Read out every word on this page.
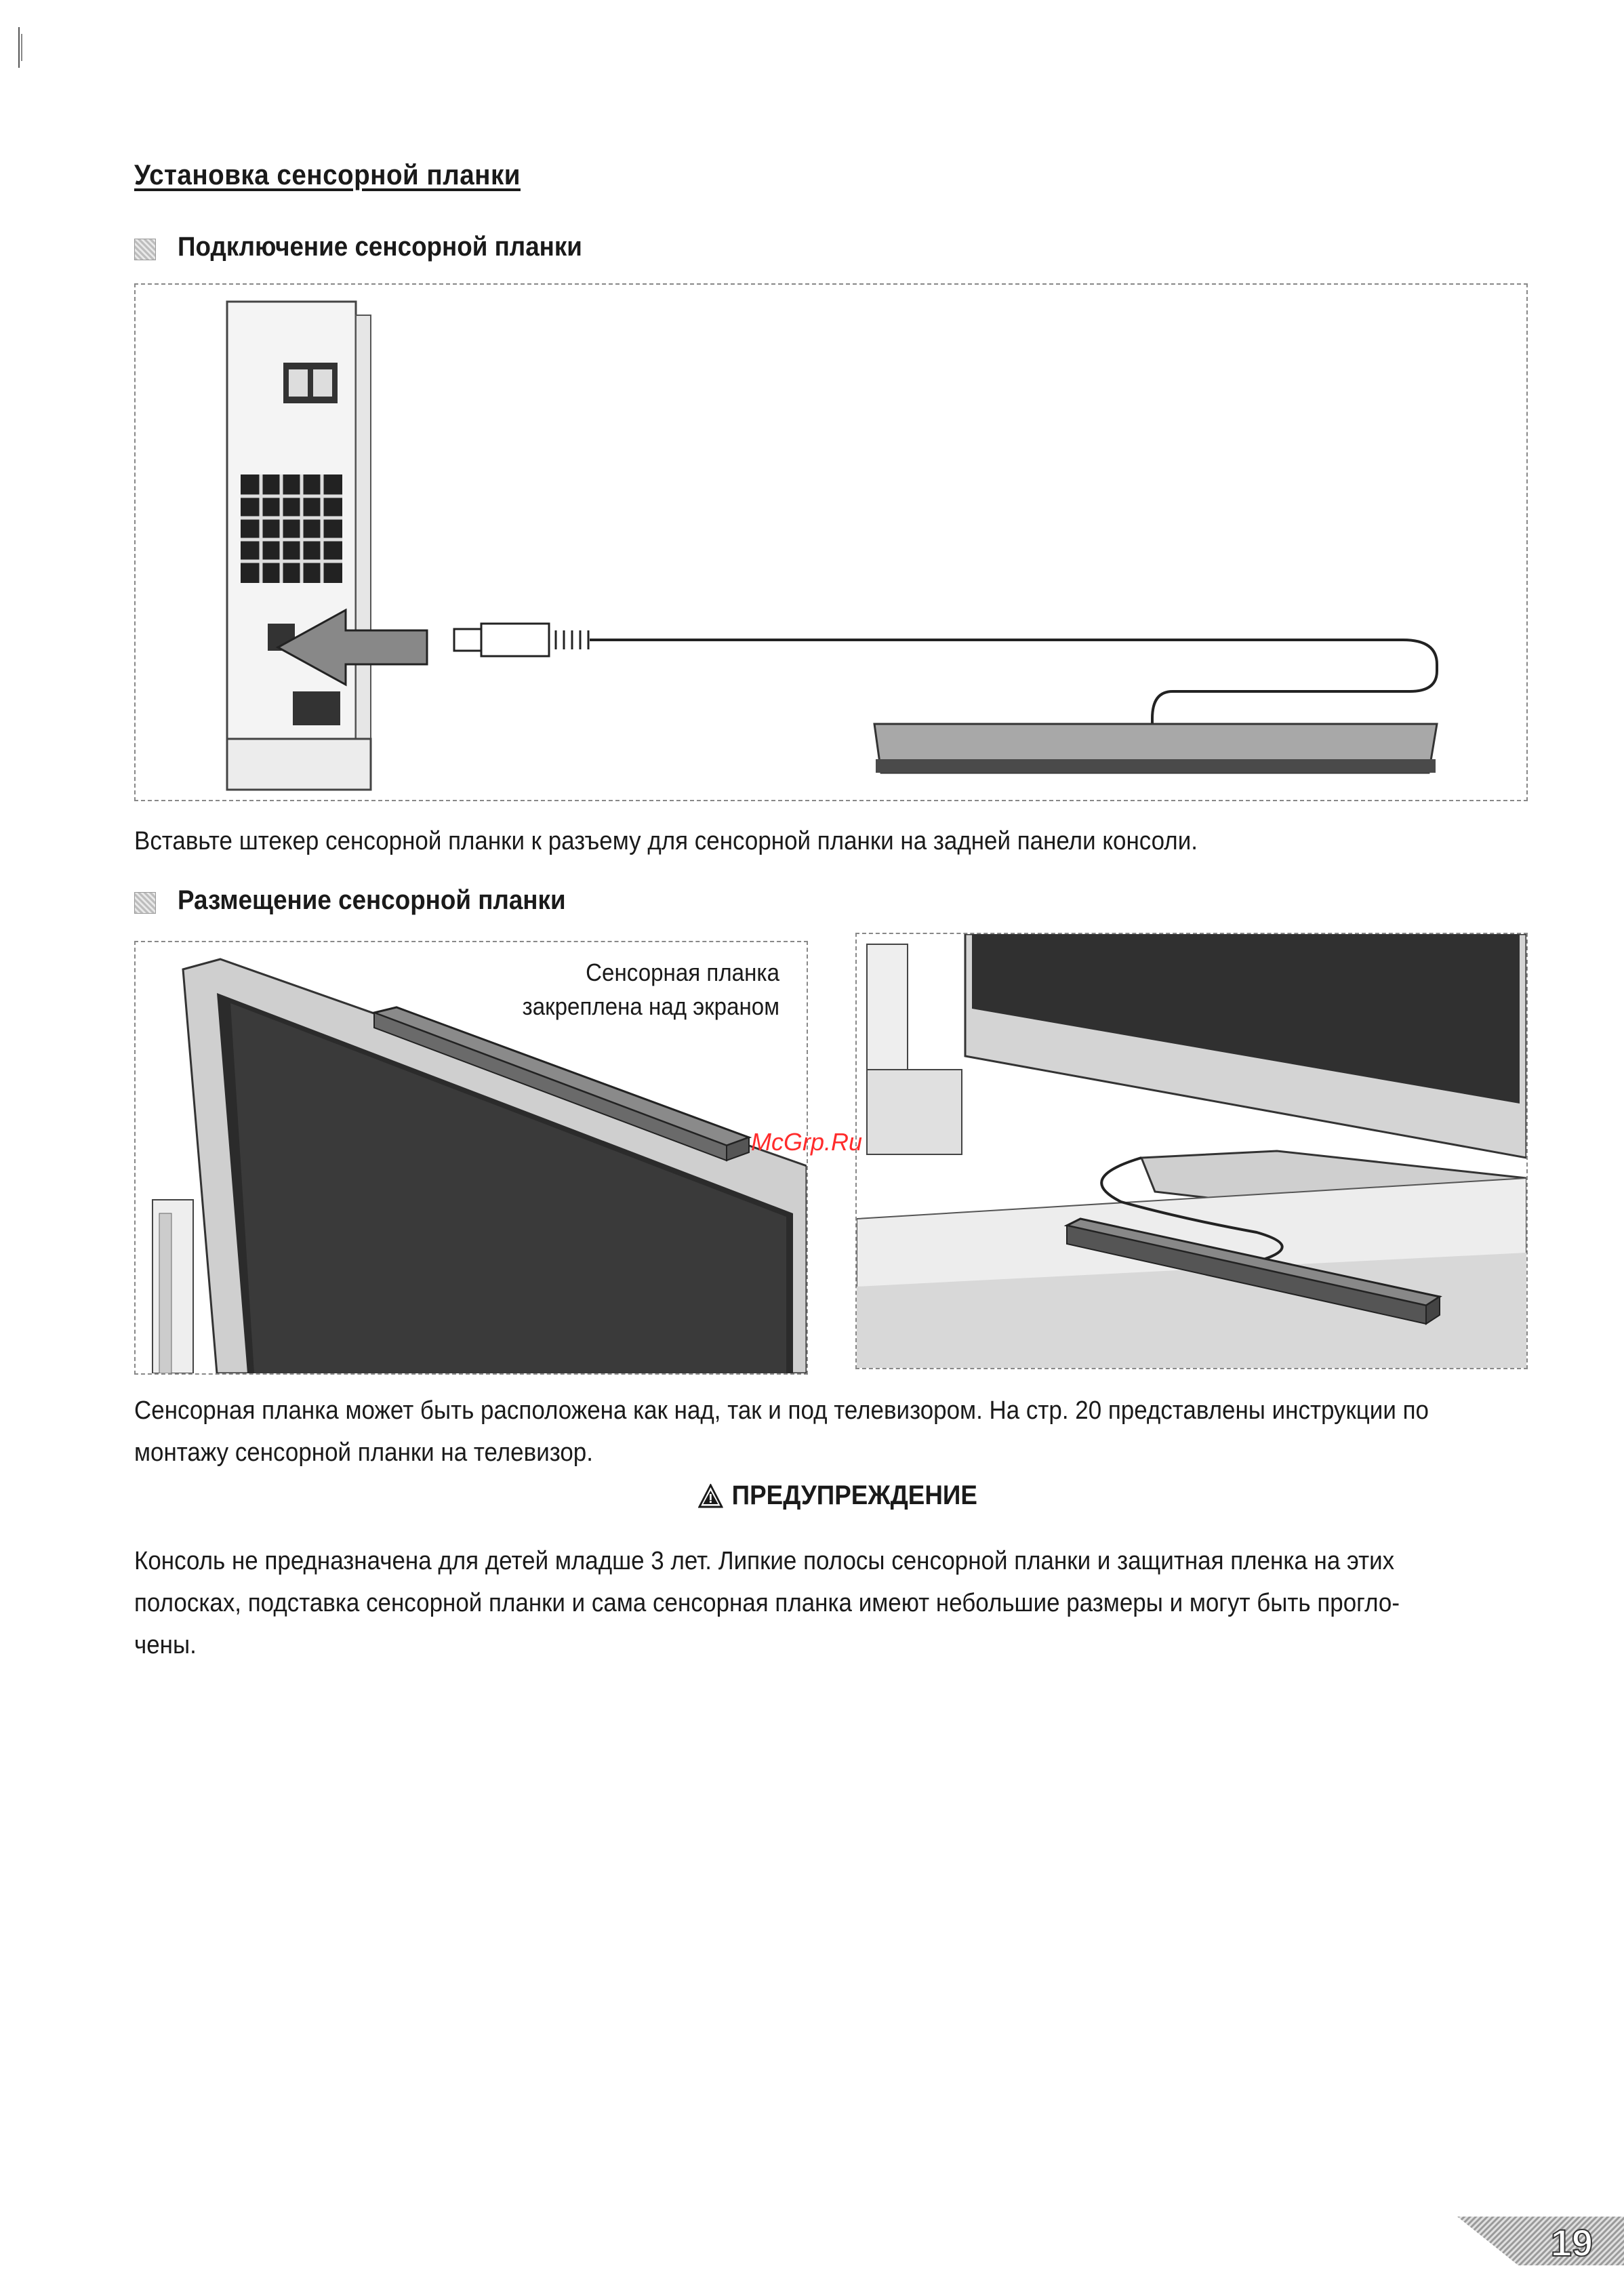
Установка сенсорной планки
Подключение сенсорной планки
Вставьте штекер сенсорной планки к разъему для сенсорной планки на задней панели консоли.
Размещение сенсорной планки
Сенсорная планка
закреплена над экраном
McGrp.Ru
Сенсорная планка может быть расположена как над, так и под телевизором. На стр. 20 представлены инструкции по
монтажу сенсорной планки на телевизор.
ПРЕДУПРЕЖДЕНИЕ
Консоль не предназначена для детей младше 3 лет. Липкие полосы сенсорной планки и защитная пленка на этих
полосках, подставка сенсорной планки и сама сенсорная планка имеют небольшие размеры и могут быть прогло-
чены.
19
